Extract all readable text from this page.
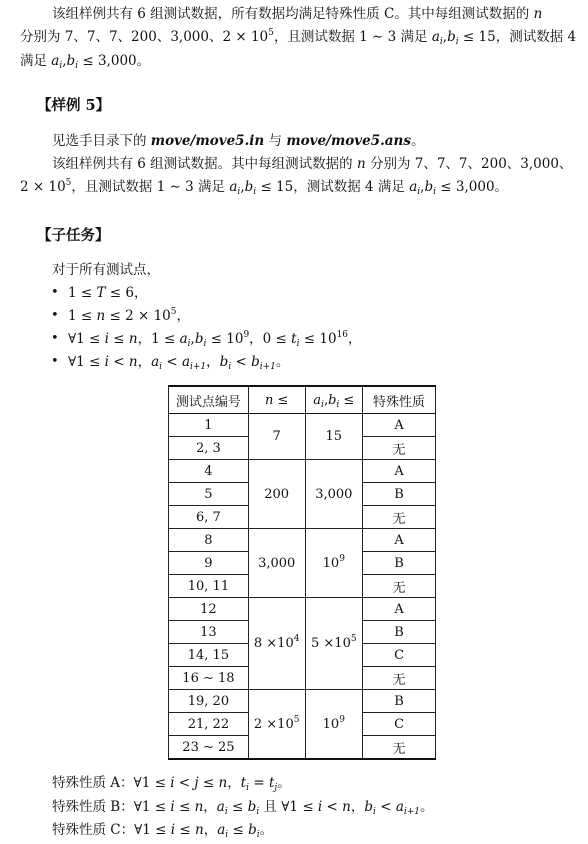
该组样例共有 6 组测试数据，所有数据均满足特殊性质 C。其中每组测试数据的 n
分别为 7、7、7、200、3,000、$2 \times 10^5$，且测试数据 1 ∼ 3 满足 $a_i,b_i \le 15$，测试数据 4
满足 $a_i,b_i \le 3,000$。
【样例 5】
见选手目录下的 move/move5.in 与 move/move5.ans。
该组样例共有 6 组测试数据。其中每组测试数据的 n 分别为 7、7、7、200、3,000、
$2 \times 10^5$，且测试数据 1 ∼ 3 满足 $a_i,b_i \le 15$，测试数据 4 满足 $a_i,b_i \le 3,000$。
【子任务】
对于所有测试点，
• 1 ≤ T ≤ 6，
• $1 \le n \le 2 \times 10^5$，
• ∀1 ≤ i ≤ n，$1 \le a_i,b_i \le 10^9$，$0 \le t_i \le 10^{16}$，
• ∀1 ≤ i < n，$a_i < a_{i+1}$，$b_i < b_{i+1}$。
测试点编号	n ≤	$a_i,b_i$ ≤	特殊性质
1	7	15	A
2, 3			无
4	200	3,000	A
5			B
6, 7			无
8	3,000	$10^9$	A
9			B
10, 11			无
12	$8 \times 10^4$	$5 \times 10^5$	A
13			B
14, 15			C
16 ∼ 18			无
19, 20	$2 \times 10^5$	$10^9$	B
21, 22			C
23 ∼ 25			无
特殊性质 A：∀1 ≤ i < j ≤ n，$t_i = t_j$。
特殊性质 B：∀1 ≤ i ≤ n，$a_i \le b_i$ 且 ∀1 ≤ i < n，$b_i < a_{i+1}$。
特殊性质 C：∀1 ≤ i ≤ n，$a_i \le b_i$。
